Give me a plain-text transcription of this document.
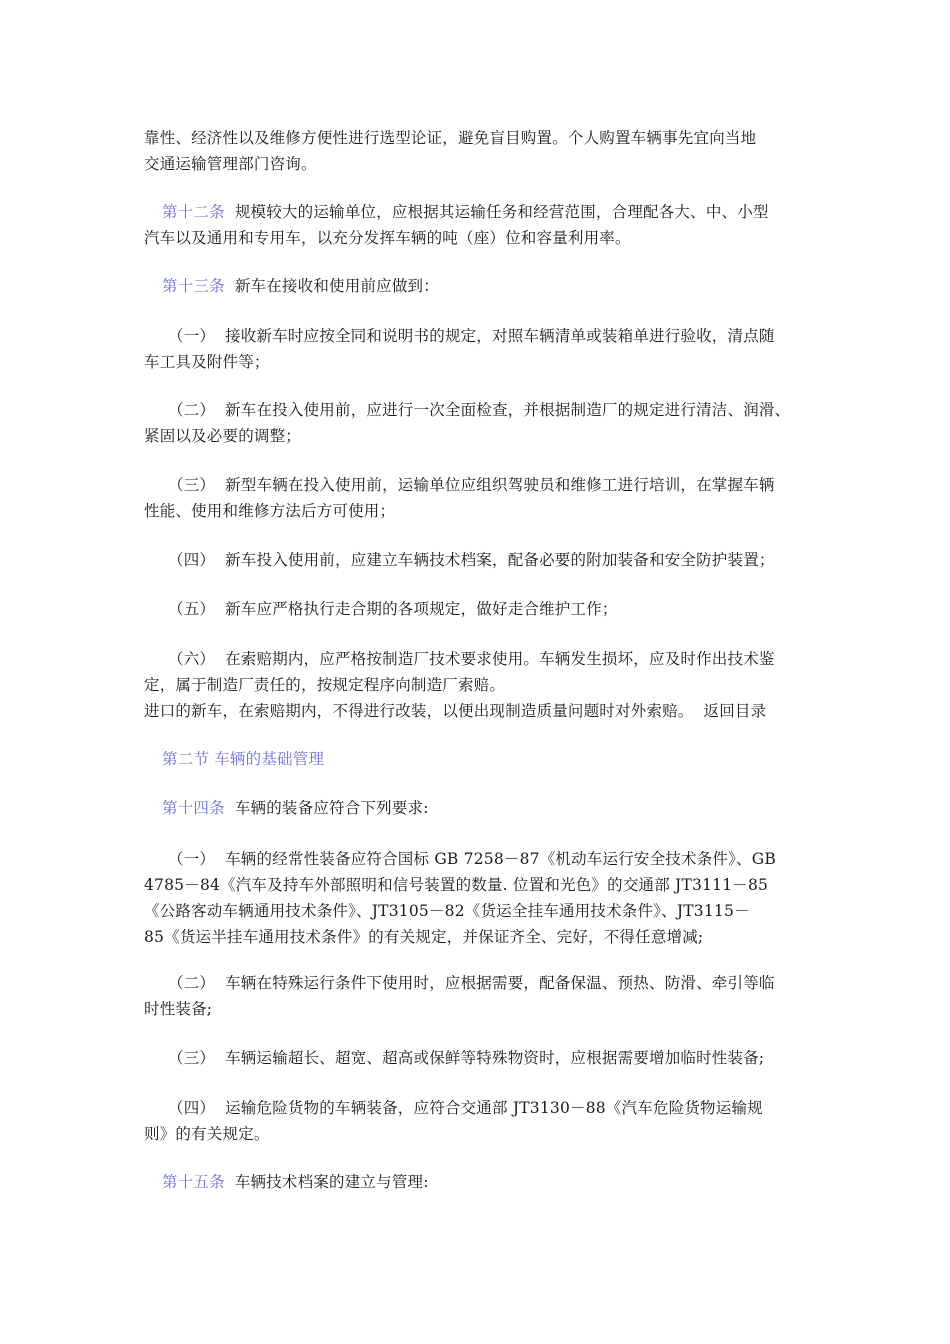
靠性、经济性以及维修方便性进行选型论证，避免盲目购置。个人购置车辆事先宜向当地
交通运输管理部门咨询。
第十二条 规模较大的运输单位，应根据其运输任务和经营范围，合理配各大、中、小型
汽车以及通用和专用车，以充分发挥车辆的吨（座）位和容量利用率。
第十三条 新车在接收和使用前应做到：
（一） 接收新车时应按全同和说明书的规定，对照车辆清单或装箱单进行验收，清点随
车工具及附件等；
（二） 新车在投入使用前，应进行一次全面检查，并根据制造厂的规定进行清洁、润滑、
紧固以及必要的调整；
（三） 新型车辆在投入使用前，运输单位应组织驾驶员和维修工进行培训，在掌握车辆
性能、使用和维修方法后方可使用；
（四） 新车投入使用前，应建立车辆技术档案，配备必要的附加装备和安全防护装置；
（五） 新车应严格执行走合期的各项规定，做好走合维护工作；
（六） 在索赔期内，应严格按制造厂技术要求使用。车辆发生损坏，应及时作出技术鉴
定，属于制造厂责任的，按规定程序向制造厂索赔。
进口的新车，在索赔期内，不得进行改装，以便出现制造质量问题时对外索赔。 返回目录
第二节 车辆的基础管理
第十四条 车辆的装备应符合下列要求:
（一） 车辆的经常性装备应符合国标 GB 7258－87《机动车运行安全技术条件》、GB
4785－84《汽车及持车外部照明和信号装置的数量. 位置和光色》的交通部 JT3111－85
《公路客动车辆通用技术条件》、JT3105－82《货运全挂车通用技术条件》、JT3115－
85《货运半挂车通用技术条件》的有关规定，并保证齐全、完好，不得任意增减;
（二） 车辆在特殊运行条件下使用时，应根据需要，配备保温、预热、防滑、牵引等临
时性装备;
（三） 车辆运输超长、超宽、超高或保鲜等特殊物资时，应根据需要增加临时性装备;
（四） 运输危险货物的车辆装备，应符合交通部 JT3130－88《汽车危险货物运输规
则》的有关规定。
第十五条 车辆技术档案的建立与管理:
